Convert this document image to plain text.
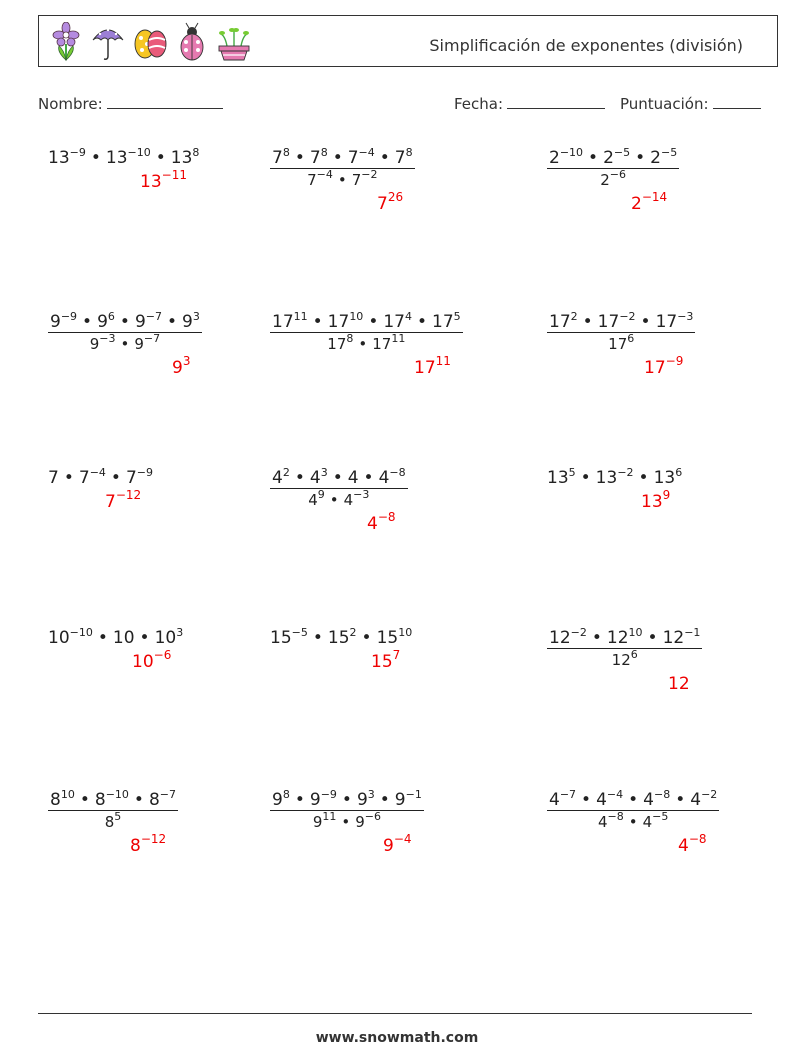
Simplificación de exponentes (división)
Nombre:	Fecha:	Puntuación:
$13^{-9}$ • $13^{-10}$ • $13^8$
$13^{-11}$	$\frac{7^8 • 7^8 • 7^{-4} • 7^8}{7^{-4} • 7^{-2}}$
$7^{26}$
$\frac{2^{-10} • 2^{-5} • 2^{-5}}{2^{-6}}$
$2^{-14}$
$\frac{9^{-9} • 9^6 • 9^{-7} • 9^3}{9^{-3} • 9^{-7}}$
$9^3$
$\frac{17^{11} • 17^{10} • 17^4 • 17^5}{17^8 • 17^{11}}$
$17^{11}$
$\frac{17^2 • 17^{-2} • 17^{-3}}{17^6}$
$17^{-9}$
7 • $7^{-4}$ • $7^{-9}$
$7^{-12}$	$\frac{4^2 • 4^3 • 4 • 4^{-8}}{4^9 • 4^{-3}}$
$4^{-8}$
$13^5$ • $13^{-2}$ • $13^6$
$13^9$
$10^{-10}$ • 10 • $10^3$
$10^{-6}$
$15^{-5}$ • $15^2$ • $15^{10}$
$15^7$	$\frac{12^{-2} • 12^{10} • 12^{-1}}{12^6}$
12
$\frac{8^{10} • 8^{-10} • 8^{-7}}{8^5}$
$8^{-12}$
$\frac{9^8 • 9^{-9} • 9^3 • 9^{-1}}{9^{11} • 9^{-6}}$
$9^{-4}$
$\frac{4^{-7} • 4^{-4} • 4^{-8} • 4^{-2}}{4^{-8} • 4^{-5}}$
$4^{-8}$
www.snowmath.com
